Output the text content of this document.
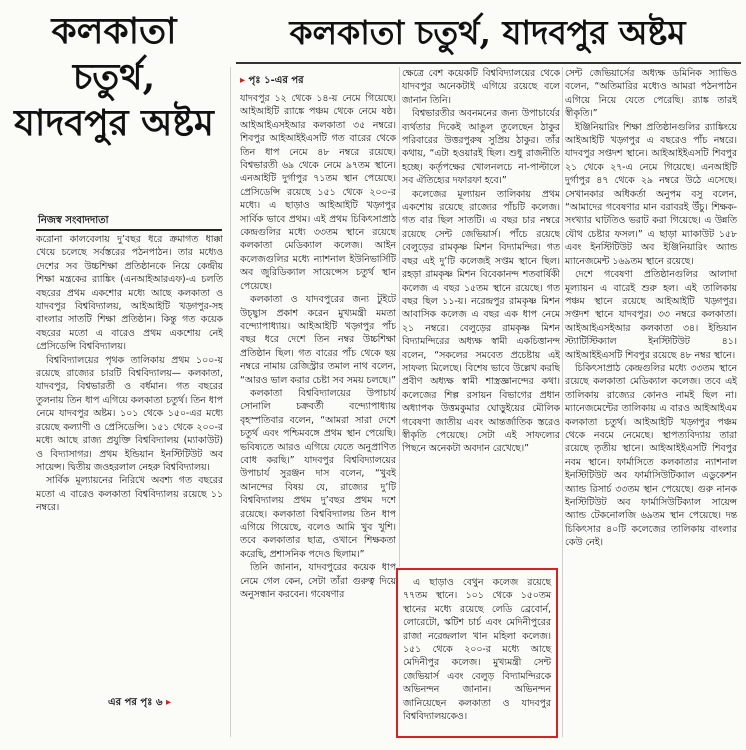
কলকাতা চতুর্থ, যাদবপুর অষ্টম
নিজস্ব সংবাদদাতা
কলকাতা চতুর্থ, যাদবপুর অষ্টম
▸ পৃঃ ১-এর পর

করোনা কালবেলায় দু’বছর ধরে ক্রমাগত ধাক্কা খেয়ে চলেছে সর্বস্তরের পঠনপাঠন। তার মধ্যেও দেশের সব উচ্চশিক্ষা প্রতিষ্ঠানকে নিয়ে কেন্দ্রীয় শিক্ষা মন্ত্রকের র‍্যাঙ্কিং (এনআইআরএফ)-এ চলতি বছরের প্রথম একশোর মধ্যে আছে কলকাতা ও যাদবপুর বিশ্ববিদ্যালয়, আইআইটি খড়্গপুর-সহ বাংলার সাতটি শিক্ষা প্রতিষ্ঠান। কিন্তু গত কয়েক বছরের মতো এ বারেও প্রথম একশোয় নেই প্রেসিডেন্সি বিশ্ববিদ্যালয়।

বিশ্ববিদ্যালয়ের পৃথক তালিকায় প্রথম ১০০-য় রয়েছে রাজ্যের চারটি বিশ্ববিদ্যালয়— কলকাতা, যাদবপুর, বিশ্বভারতী ও বর্ধমান। গত বছরের তুলনায় তিন ধাপ এগিয়ে কলকাতা চতুর্থ। তিন ধাপ নেমে যাদবপুর অষ্টম। ১০১ থেকে ১৫০-এর মধ্যে রয়েছে কল্যাণী ও প্রেসিডেন্সি। ১৫১ থেকে ২০০-র মধ্যে আছে রাজ্য প্রযুক্তি বিশ্ববিদ্যালয় (ম্যাকাউট) ও বিদ্যাসাগর। প্রথম ইন্ডিয়ান ইনস্টিটিউট অব সায়েন্স। দ্বিতীয় জওহরলাল নেহরু বিশ্ববিদ্যালয়।

সার্বিক মূল্যায়নের নিরিখে অবশ্য গত বছরের মতো এ বারেও কলকাতা বিশ্ববিদ্যালয় রয়েছে ১১ নম্বরে।

এর পর পৃঃ ৬ ▸

যাদবপুর ১২ থেকে ১৪-য় নেমে গিয়েছে। আইআইটি র‍্যাঙ্কে পঞ্চম থেকে নেমে ষষ্ঠ। আইআইএসইআর কলকাতা ৩৫ নম্বরে। শিবপুর আইআইইএসটি গত বারের থেকে তিন ধাপ নেমে ৪৮ নম্বরে রয়েছে। বিশ্বভারতী ৬৯ থেকে নেমে ৯৭তম স্থানে। এনআইটি দুর্গাপুর ৭১তম স্থান পেয়েছে। প্রেসিডেন্সি রয়েছে ১৫১ থেকে ২০০-র মধ্যে। এ ছাড়াও আইআইটি খড়্গপুর সার্বিক ভাবে প্রথম। এই প্রথম চিকিৎসাপ্রাঠ কেন্দ্রগুলির মধ্যে ৩৩তম স্থানে রয়েছে কলকাতা মেডিক্যাল কলেজ। আইন কলেজগুলির মধ্যে ন্যাশনাল ইউনিভার্সিটি অব জুরিডিক্যাল সায়েন্সেস চতুর্থ স্থান পেয়েছে।

কলকাতা ও যাদবপুরের জন্য টুইটে উচ্ছ্বাস প্রকাশ করেন মুখ্যমন্ত্রী মমতা বন্দ্যোপাধ্যায়। আইআইটি খড়্গপুর পাঁচ বছর ধরে দেশে তিন নম্বর উচ্চশিক্ষা প্রতিষ্ঠান ছিল। গত বারের পাঁচ থেকে ছয় নম্বরে নামায় রেজিস্ট্রার তমাল নাথ বলেন, “আরও ভাল করার চেষ্টা সব সময় চলছে।”

কলকাতা বিশ্ববিদ্যালয়ের উপাচার্য সোনালি চক্রবর্তী বন্দ্যোপাধ্যায় বৃহস্পতিবার বলেন, “আমরা সারা দেশে চতুর্থ এবং পশ্চিমবঙ্গে প্রথম স্থান পেয়েছি। ভবিষ্যতে আরও এগিয়ে যেতে অনুপ্রাণিত বোধ করছি।” যাদবপুর বিশ্ববিদ্যালয়ের উপাচার্য সুরঞ্জন দাস বলেন, “খুবই আনন্দের বিষয় যে, রাজ্যের দু’টি বিশ্ববিদ্যালয় প্রথম দু’বছর প্রথম দশে রয়েছে। কলকাতা বিশ্ববিদ্যালয় তিন ধাপ এগিয়ে গিয়েছে, বলেও আমি খুব খুশি। তবে কলকাতার ছাত্র, ওখানে শিক্ষকতা করেছি, প্রশাসনিক পদেও ছিলাম।”

তিনি জানান, যাদবপুরের কয়েক ধাপ নেমে গেল কেন, সেটা তাঁরা গুরুত্ব দিয়ে অনুসন্ধান করবেন। গবেষণার

ক্ষেত্রে বেশ কয়েকটি বিশ্ববিদ্যালয়ের থেকে যাদবপুর অনেকটাই এগিয়ে রয়েছে বলে জানান তিনি।

বিশ্বভারতীর অবনমনের জন্য উপাচার্যের ব্যর্থতার দিকেই আঙুল তুলেছেন ঠাকুর পরিবারের উত্তরপুরুষ সুপ্রিয় ঠাকুর। তাঁর কথায়, “এটা হওয়ারই ছিল। শুধু রাজনীতি হচ্ছে। কর্তৃপক্ষের খোলনলচে না-পাল্টালে সব ঐতিহ্যের দফারফা হবে।”

কলেজের মূল্যায়ন তালিকায় প্রথম একশোয় রয়েছে রাজ্যের পাঁচটি কলেজ। গত বার ছিল সাতটি। এ বছর চার নম্বরে রয়েছে সেন্ট জেভিয়ার্স। পাঁচে রয়েছে বেলুড়ের রামকৃষ্ণ মিশন বিদ্যামন্দির। গত বছর এই দু’টি কলেজই সপ্তম স্থানে ছিল। রহড়া রামকৃষ্ণ মিশন বিবেকানন্দ শতবার্ষিকী কলেজ এ বছর ১৫তম স্থানে রয়েছে। গত বছর ছিল ১১-য়। নরেন্দ্রপুর রামকৃষ্ণ মিশন আবাসিক কলেজ এ বছর এক ধাপ নেমে ২১ নম্বরে। বেলুড়ের রামকৃষ্ণ মিশন বিদ্যামন্দিরের অধ্যক্ষ স্বামী একচিত্তানন্দ বলেন, “সকলের সমবেত প্রচেষ্টায় এই সাফল্য মিলেছে। বিশেষ ভাবে উল্লেখ করছি প্রবীণ অধ্যক্ষ স্বামী শাস্ত্রজ্ঞানন্দের কথা। কলেজের শিল্প রসায়ন বিভাগের প্রধান অধ্যাপক উত্তমকুমার ঘোড়ুইয়ের মৌলিক গবেষণা জাতীয় এবং আন্তর্জাতিক স্তরেও স্বীকৃতি পেয়েছে। সেটা এই সাফল্যের পিছনে অনেকটা অবদান রেখেছে।”

এ ছাড়াও বেথুন কলেজ রয়েছে ৭৭তম স্থানে। ১০১ থেকে ১৫০তম স্থানের মধ্যে রয়েছে লেডি ব্রেবোর্ন, লোরেটো, স্কটিশ চার্চ এবং মেদিনীপুরের রাজা নরেন্দ্রলাল খান মহিলা কলেজ। ১৫১ থেকে ২০০-র মধ্যে আছে মেদিনীপুর কলেজ। মুখ্যমন্ত্রী সেন্ট জেভিয়ার্স এবং বেলুড় বিদ্যামন্দিরকে অভিনন্দন জানান। অভিনন্দন জানিয়েছেন কলকাতা ও যাদবপুর বিশ্ববিদ্যালয়কেও।

সেন্ট জেভিয়ার্সের অধ্যক্ষ ডমিনিক স্যাভিও বলেন, “অতিমারির মধ্যেও আমরা পঠনপাঠন এগিয়ে নিয়ে যেতে পেরেছি। র‍্যাঙ্ক তারই স্বীকৃতি।”

ইঞ্জিনিয়ারিং শিক্ষা প্রতিষ্ঠানগুলির র‍্যাঙ্কিংয়ে আইআইটি খড়্গপুর এ বছরেও পাঁচ নম্বরে। যাদবপুর সপ্তদশ স্থানে। আইআইইএসটি শিবপুর ২১ থেকে ২৭-এ নেমে গিয়েছে। এনআইটি দুর্গাপুর ৪৭ থেকে ২৯ নম্বরে উঠে এসেছে। সেখানকার অধিকর্তা অনুপম বসু বলেন, “আমাদের গবেষণার মান বরাবরই উঁচু। শিক্ষক-সংখ্যার ঘাটতিও ভরাট করা গিয়েছে। এ উন্নতি যৌথ চেষ্টার ফসল।” এ ছাড়া ম্যাকাউট ১৫৮ এবং ইনস্টিটিউট অব ইঞ্জিনিয়ারিং অ্যান্ড ম্যানেজমেন্ট ১৬৯তম স্থানে রয়েছে।

দেশে গবেষণা প্রতিষ্ঠানগুলির আলাদা মূল্যায়ন এ বারেই শুরু হল। এই তালিকায় পঞ্চম স্থানে রয়েছে আইআইটি খড়্গপুর। সপ্তদশ স্থানে যাদবপুর। ৩৩ নম্বরে কলকাতা। আইআইএসইআর কলকাতা ৩৪। ইন্ডিয়ান স্ট্যাটিস্টিক্যাল ইনস্টিটিউট ৪১। আইআইইএসটি শিবপুর রয়েছে ৪৮ নম্বর স্থানে।

চিকিৎসাপ্রাঠ কেন্দ্রগুলির মধ্যে ৩৩তম স্থানে রয়েছে কলকাতা মেডিক্যাল কলেজ। তবে এই তালিকায় রাজ্যের কোনও নামই ছিল না। ম্যানেজমেন্টের তালিকায় এ বারও আইআইএম কলকাতা চতুর্থ। আইআইটি খড়্গপুর পঞ্চম থেকে নবমে নেমেছে। স্থাপত্যবিদ্যায় তারা রয়েছে তৃতীয় স্থানে। আইআইইএসটি শিবপুর নবম স্থানে। ফার্মাসিতে কলকাতার ন্যাশনাল ইনস্টিটিউট অব ফার্মাসিউটিক্যাল এডুকেশন অ্যান্ড রিসার্চ ৩৩তম স্থান পেয়েছে। গুরু নানক ইনস্টিটিউট অব ফার্মাসিউটিক্যাল সায়েন্স অ্যান্ড টেকনোলজি ৬৯তম স্থান পেয়েছে। দন্ত চিকিৎসার ৪০টি কলেজের তালিকায় বাংলার কেউ নেই।
